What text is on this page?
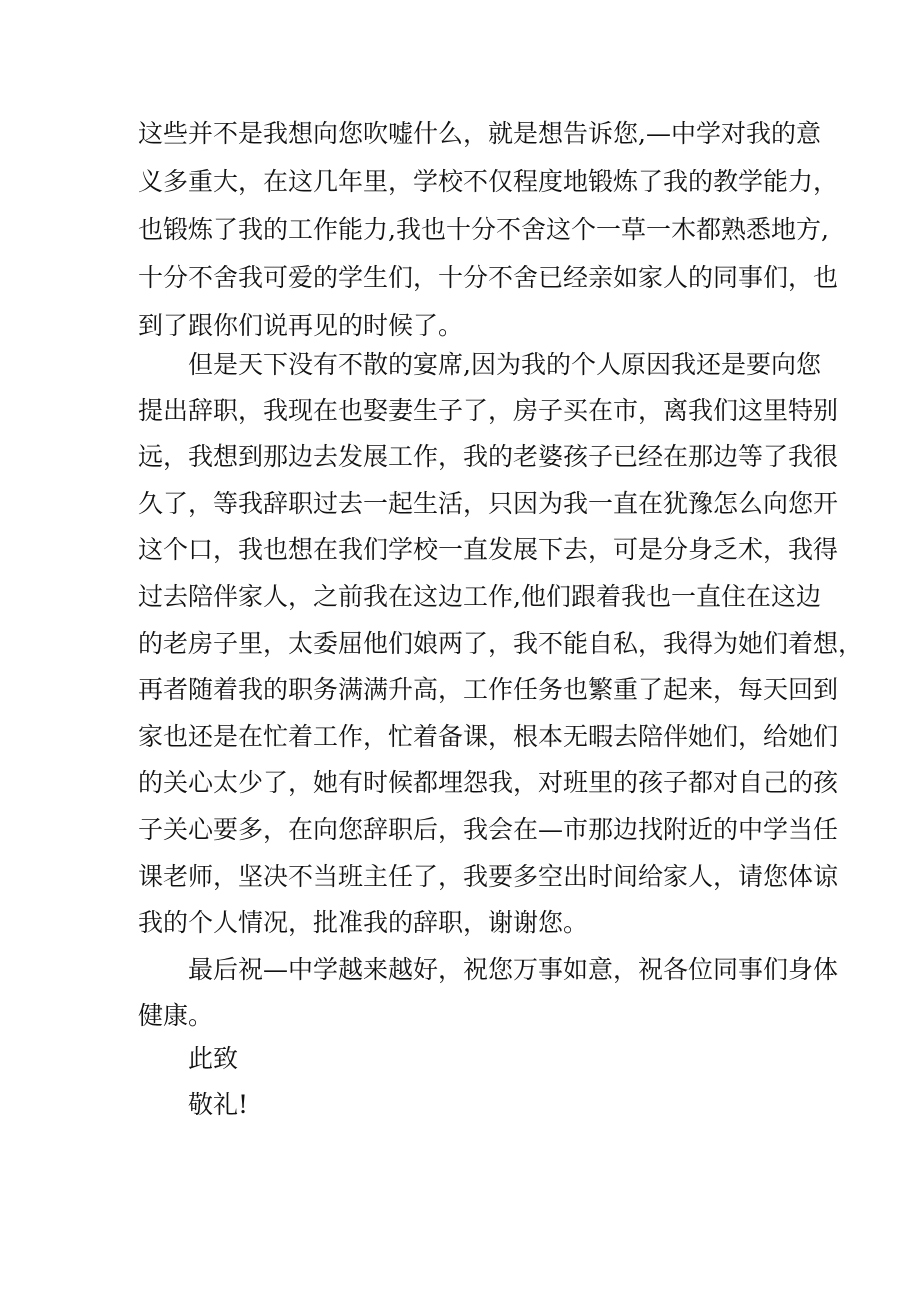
这些并不是我想向您吹嘘什么，就是想告诉您,—中学对我的意
义多重大，在这几年里，学校不仅程度地锻炼了我的教学能力，
也锻炼了我的工作能力,我也十分不舍这个一草一木都熟悉地方,
十分不舍我可爱的学生们，十分不舍已经亲如家人的同事们，也
到了跟你们说再见的时候了。
但是天下没有不散的宴席,因为我的个人原因我还是要向您
提出辞职，我现在也娶妻生子了，房子买在市，离我们这里特别
远，我想到那边去发展工作，我的老婆孩子已经在那边等了我很
久了，等我辞职过去一起生活，只因为我一直在犹豫怎么向您开
这个口，我也想在我们学校一直发展下去，可是分身乏术，我得
过去陪伴家人，之前我在这边工作,他们跟着我也一直住在这边
的老房子里，太委屈他们娘两了，我不能自私，我得为她们着想，
再者随着我的职务满满升高，工作任务也繁重了起来，每天回到
家也还是在忙着工作，忙着备课，根本无暇去陪伴她们，给她们
的关心太少了，她有时候都埋怨我，对班里的孩子都对自己的孩
子关心要多，在向您辞职后，我会在—市那边找附近的中学当任
课老师，坚决不当班主任了，我要多空出时间给家人，请您体谅
我的个人情况，批准我的辞职，谢谢您。
最后祝—中学越来越好，祝您万事如意，祝各位同事们身体
健康。
此致
敬礼!
